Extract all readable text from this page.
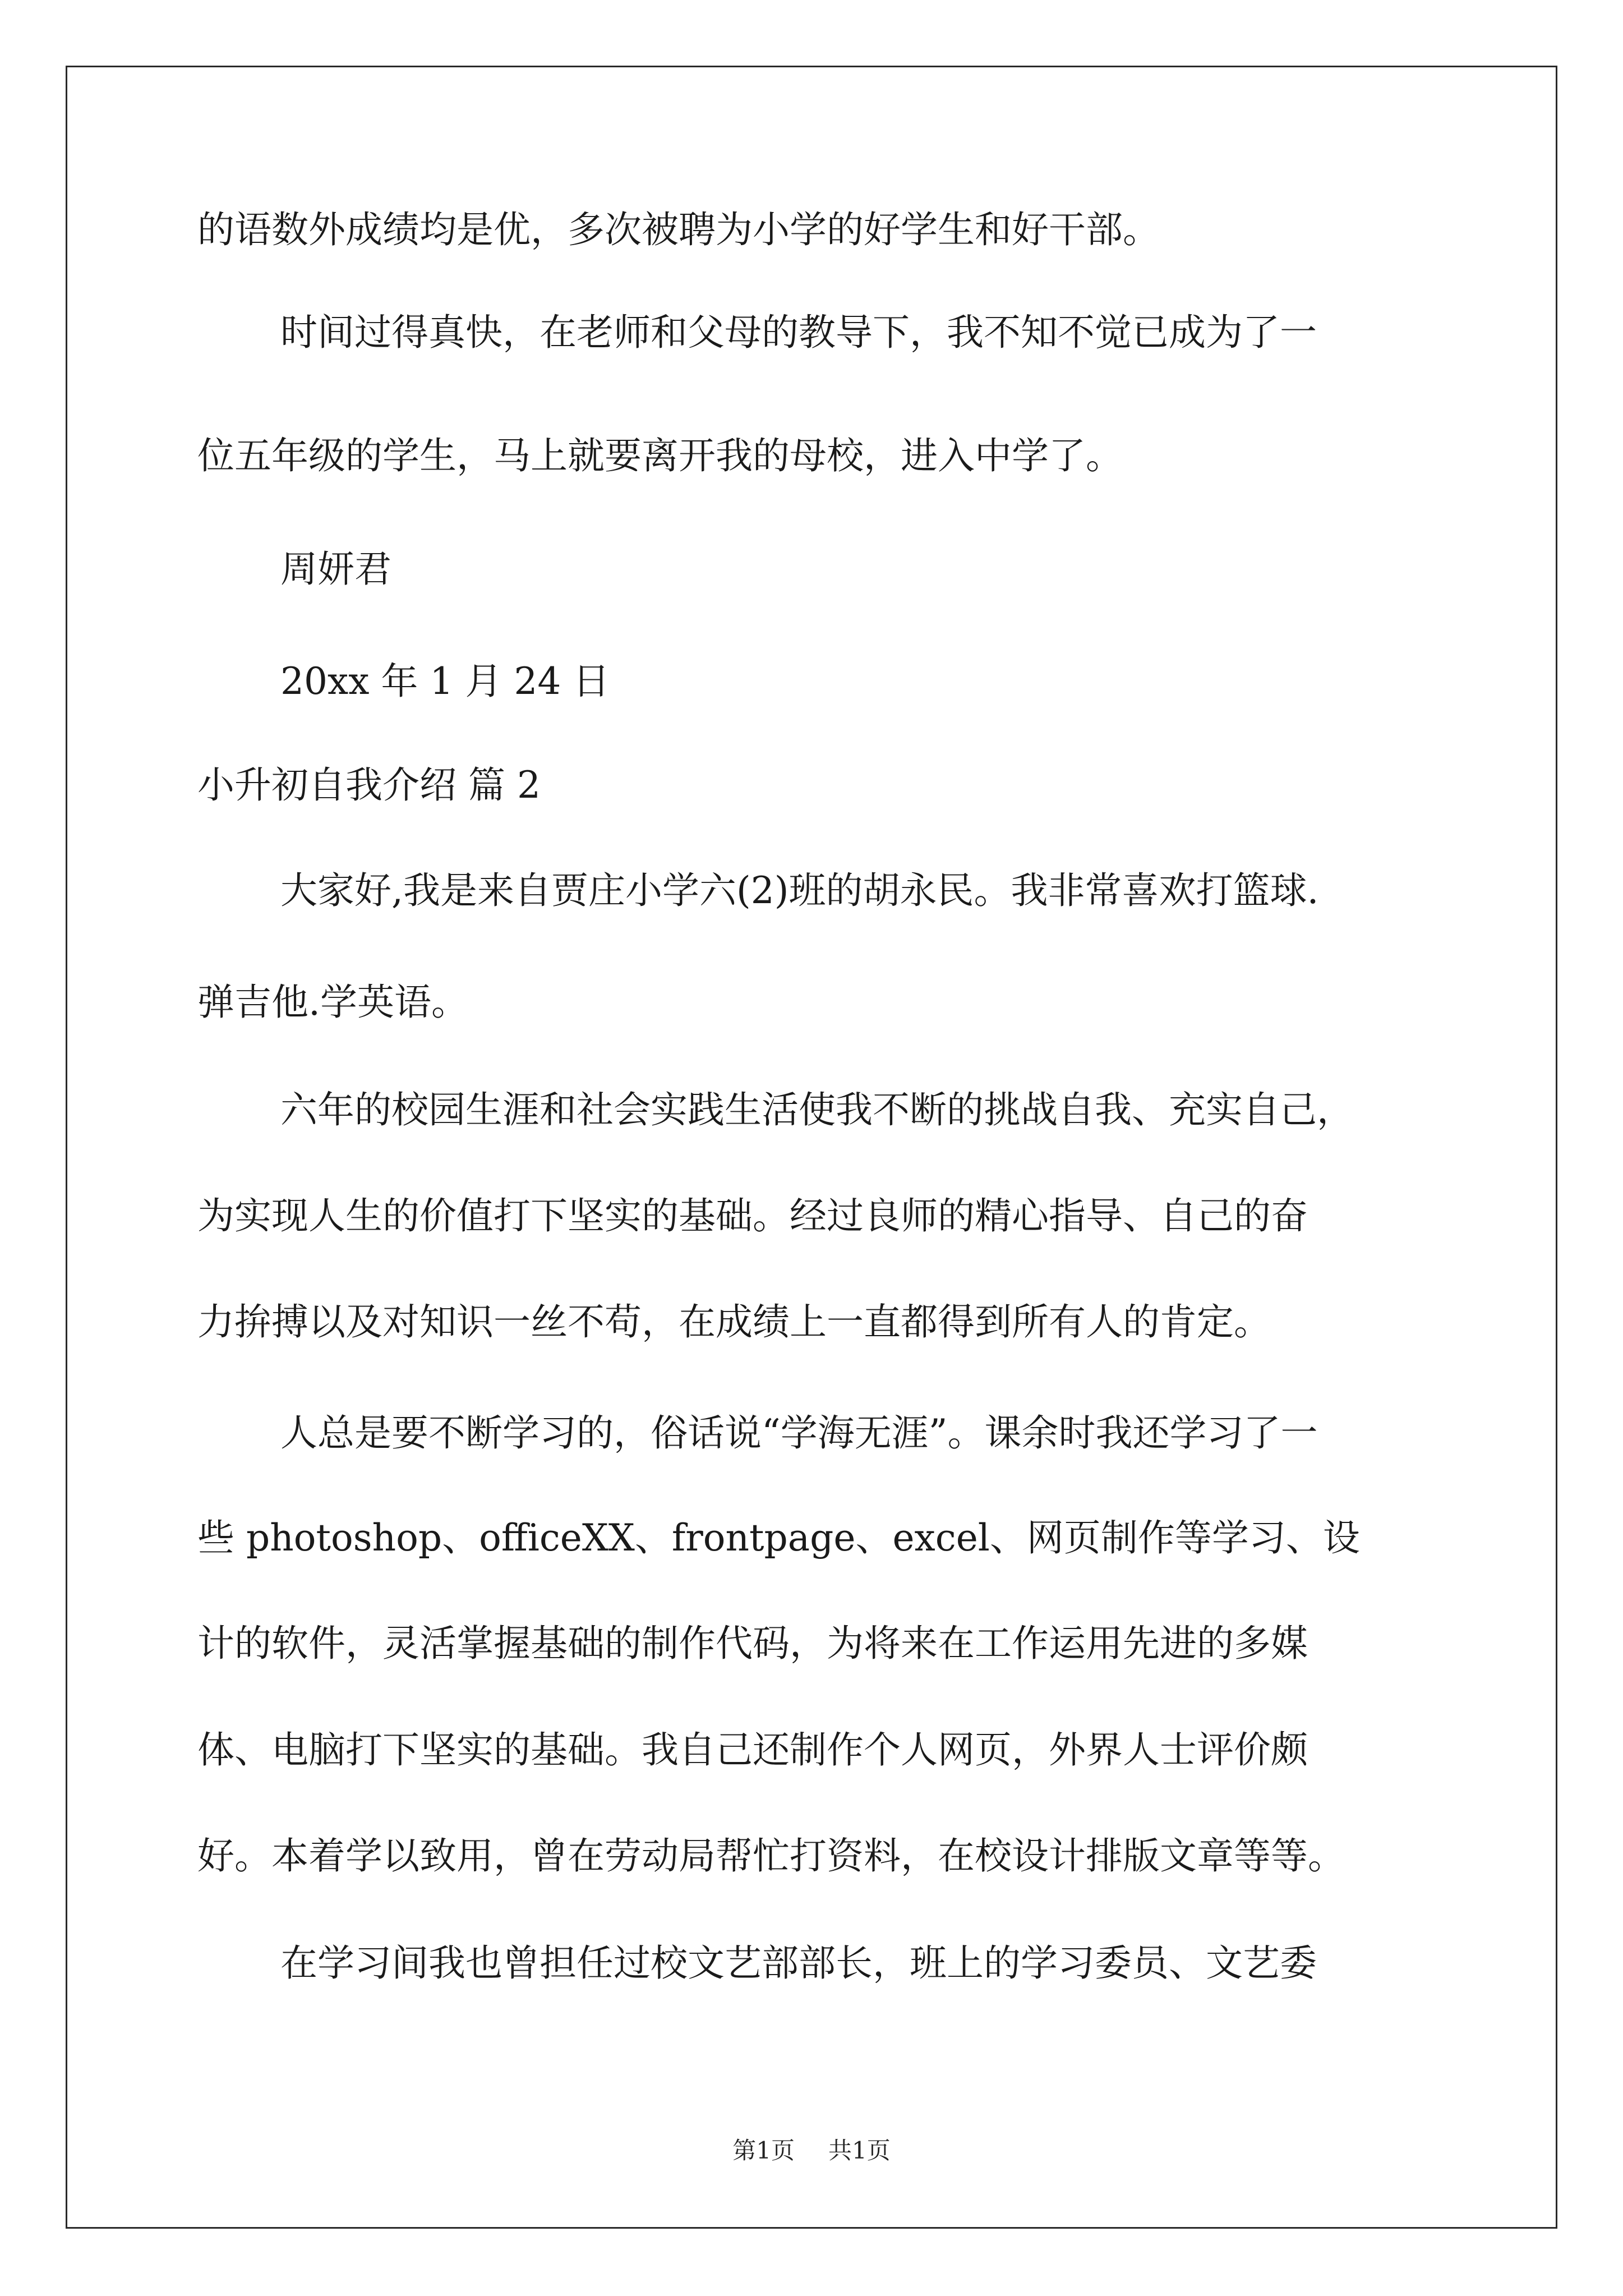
的语数外成绩均是优，多次被聘为小学的好学生和好干部。
时间过得真快，在老师和父母的教导下，我不知不觉已成为了一
位五年级的学生，马上就要离开我的母校，进入中学了。
周妍君
20xx 年 1 月 24 日
小升初自我介绍 篇 2
大家好,我是来自贾庄小学六(2)班的胡永民。我非常喜欢打篮球.
弹吉他.学英语。
六年的校园生涯和社会实践生活使我不断的挑战自我、充实自己，
为实现人生的价值打下坚实的基础。经过良师的精心指导、自己的奋
力拚搏以及对知识一丝不苟，在成绩上一直都得到所有人的肯定。
人总是要不断学习的，俗话说“学海无涯”。课余时我还学习了一
些 photoshop、officeXX、frontpage、excel、网页制作等学习、设
计的软件，灵活掌握基础的制作代码，为将来在工作运用先进的多媒
体、电脑打下坚实的基础。我自己还制作个人网页，外界人士评价颇
好。本着学以致用，曾在劳动局帮忙打资料，在校设计排版文章等等。
在学习间我也曾担任过校文艺部部长，班上的学习委员、文艺委
第1页 共1页
